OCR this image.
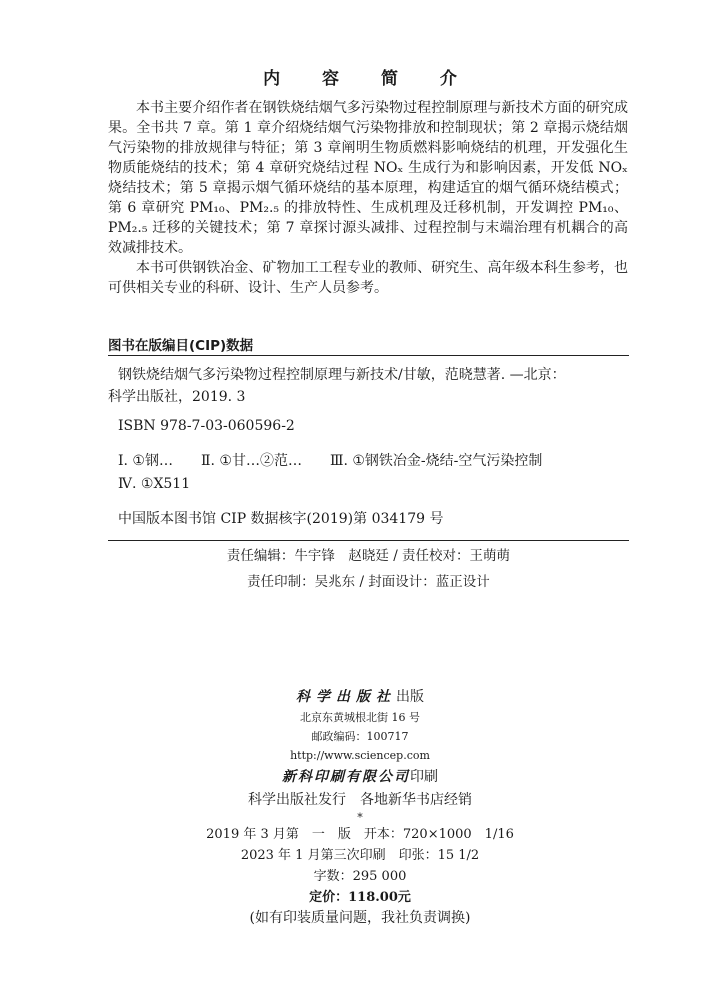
内 容 简 介

本书主要介绍作者在钢铁烧结烟气多污染物过程控制原理与新技术方面的研究成果。全书共 7 章。第 1 章介绍烧结烟气污染物排放和控制现状；第 2 章揭示烧结烟气污染物的排放规律与特征；第 3 章阐明生物质燃料影响烧结的机理，开发强化生物质能烧结的技术；第 4 章研究烧结过程 NOₓ 生成行为和影响因素，开发低 NOₓ 烧结技术；第 5 章揭示烟气循环烧结的基本原理，构建适宜的烟气循环烧结模式；第 6 章研究 PM₁₀、PM₂.₅ 的排放特性、生成机理及迁移机制，开发调控 PM₁₀、PM₂.₅ 迁移的关键技术；第 7 章探讨源头减排、过程控制与末端治理有机耦合的高效减排技术。

本书可供钢铁冶金、矿物加工工程专业的教师、研究生、高年级本科生参考，也可供相关专业的科研、设计、生产人员参考。

图书在版编目(CIP)数据
钢铁烧结烟气多污染物过程控制原理与新技术/甘敏，范晓慧著. —北京：
科学出版社，2019. 3
ISBN 978-7-03-060596-2
Ⅰ. ①钢… Ⅱ. ①甘…②范… Ⅲ. ①钢铁冶金-烧结-空气污染控制
Ⅳ. ①X511
中国版本图书馆 CIP 数据核字(2019)第 034179 号
责任编辑：牛宇锋　赵晓廷 / 责任校对：王萌萌
责任印制：吴兆东 / 封面设计：蓝正设计
科学出版社出版
北京东黄城根北街 16 号
邮政编码：100717
http://www.sciencep.com
新科印刷有限公司印刷
科学出版社发行　各地新华书店经销
*
2019 年 3 月第　一　版　开本：720×1000　1/16
2023 年 1 月第三次印刷　印张：15 1/2
字数：295 000
定价：118.00元
(如有印装质量问题，我社负责调换)
